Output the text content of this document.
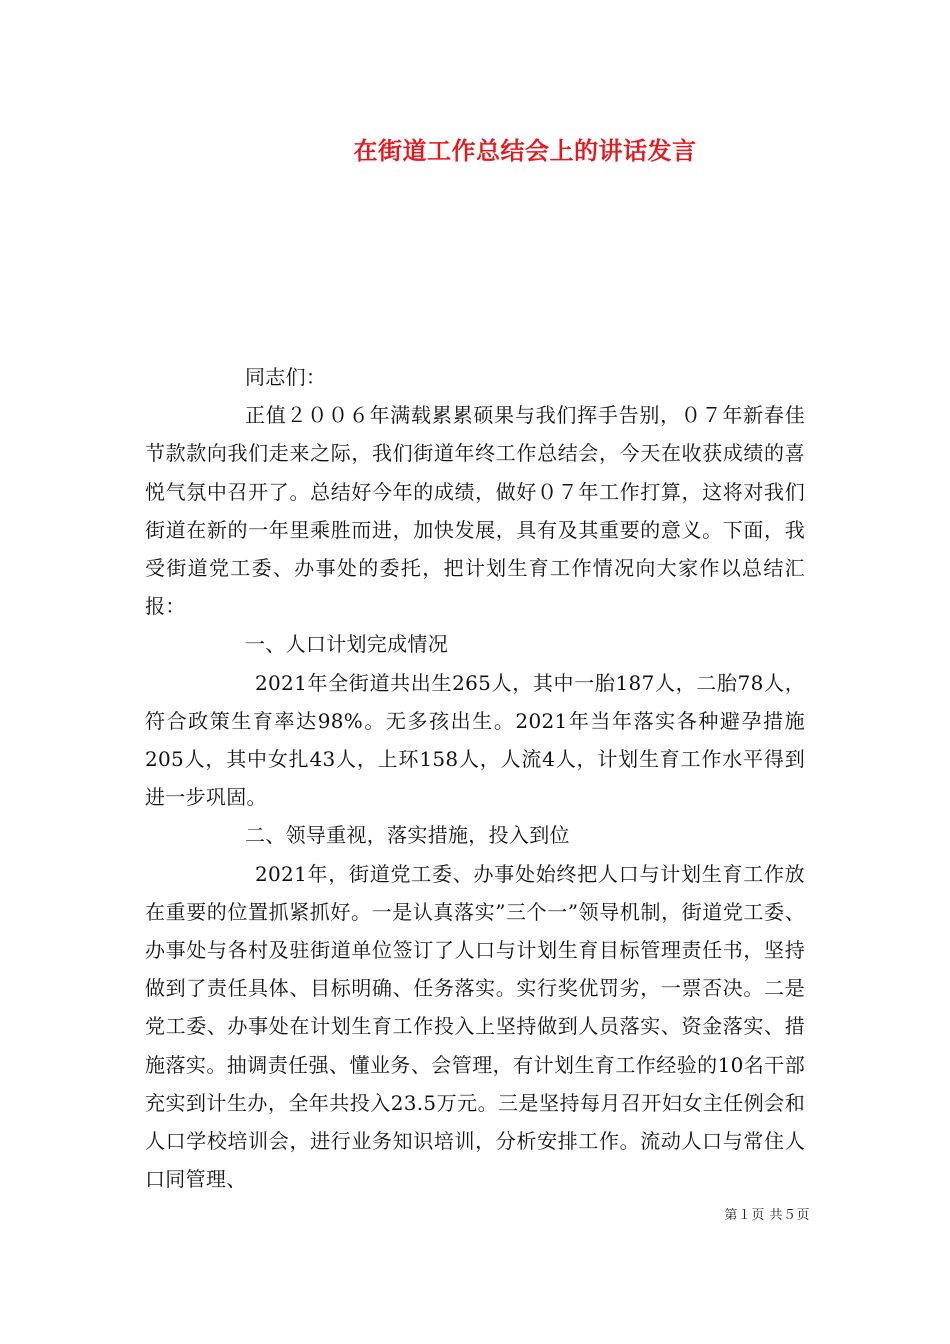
在街道工作总结会上的讲话发言

同志们：

正值２００６年满载累累硕果与我们挥手告别，０７年新春佳节款款向我们走来之际，我们街道年终工作总结会，今天在收获成绩的喜悦气氛中召开了。总结好今年的成绩，做好０７年工作打算，这将对我们街道在新的一年里乘胜而进，加快发展，具有及其重要的意义。下面，我受街道党工委、办事处的委托，把计划生育工作情况向大家作以总结汇报：

一、人口计划完成情况

2021年全街道共出生265人，其中一胎187人，二胎78人，符合政策生育率达98%。无多孩出生。2021年当年落实各种避孕措施205人，其中女扎43人，上环158人，人流4人，计划生育工作水平得到进一步巩固。

二、领导重视，落实措施，投入到位

2021年，街道党工委、办事处始终把人口与计划生育工作放在重要的位置抓紧抓好。一是认真落实”三个一”领导机制，街道党工委、办事处与各村及驻街道单位签订了人口与计划生育目标管理责任书，坚持做到了责任具体、目标明确、任务落实。实行奖优罚劣，一票否决。二是党工委、办事处在计划生育工作投入上坚持做到人员落实、资金落实、措施落实。抽调责任强、懂业务、会管理，有计划生育工作经验的10名干部充实到计生办，全年共投入23.5万元。三是坚持每月召开妇女主任例会和人口学校培训会，进行业务知识培训，分析安排工作。流动人口与常住人口同管理、

第１页 共５页
